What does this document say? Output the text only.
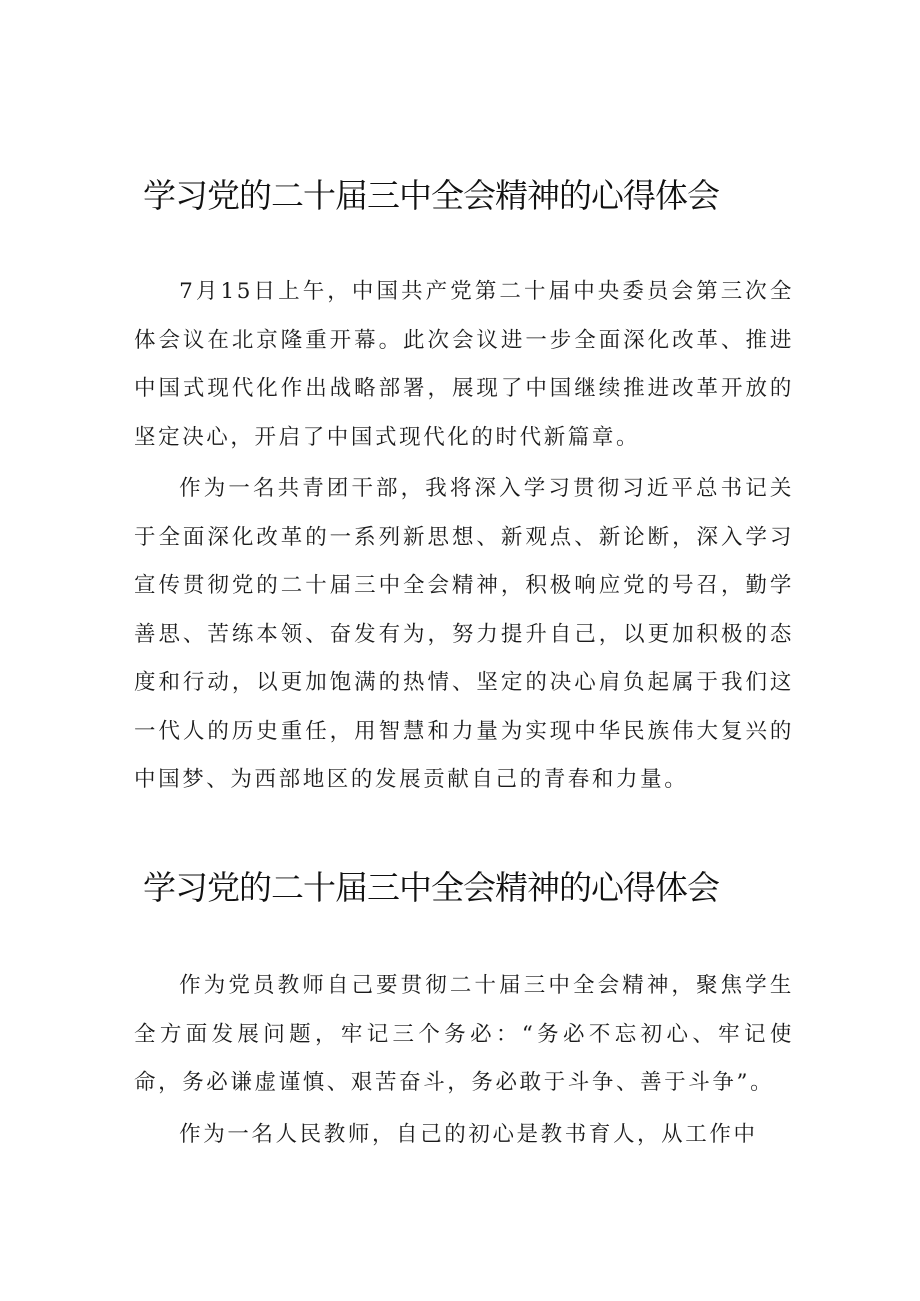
学习党的二十届三中全会精神的心得体会

7月15日上午，中国共产党第二十届中央委员会第三次全体会议在北京隆重开幕。此次会议进一步全面深化改革、推进中国式现代化作出战略部署，展现了中国继续推进改革开放的坚定决心，开启了中国式现代化的时代新篇章。

作为一名共青团干部，我将深入学习贯彻习近平总书记关于全面深化改革的一系列新思想、新观点、新论断，深入学习宣传贯彻党的二十届三中全会精神，积极响应党的号召，勤学善思、苦练本领、奋发有为，努力提升自己，以更加积极的态度和行动，以更加饱满的热情、坚定的决心肩负起属于我们这一代人的历史重任，用智慧和力量为实现中华民族伟大复兴的中国梦、为西部地区的发展贡献自己的青春和力量。

学习党的二十届三中全会精神的心得体会

作为党员教师自己要贯彻二十届三中全会精神，聚焦学生全方面发展问题，牢记三个务必：“务必不忘初心、牢记使命，务必谦虚谨慎、艰苦奋斗，务必敢于斗争、善于斗争”。

作为一名人民教师，自己的初心是教书育人，从工作中
